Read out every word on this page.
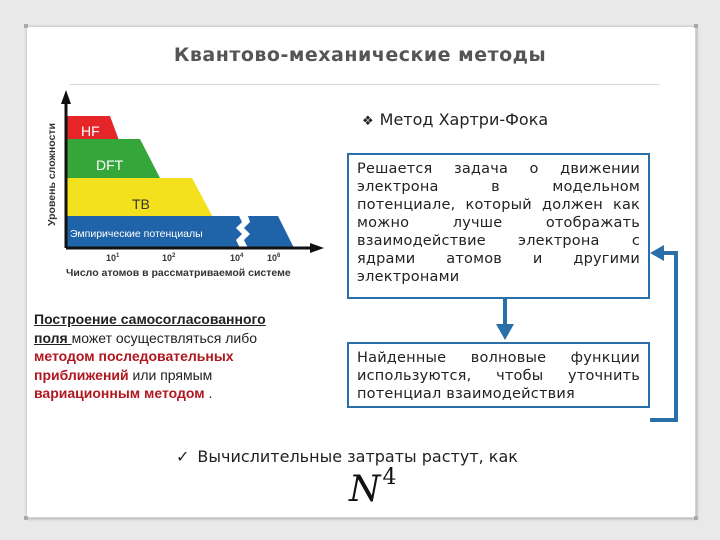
Квантово-механические методы
HF
DFT
TB
Эмпирические потенциалы
$10^1$	$10^2$	$10^4$	$10^6$
Число атомов в рассматриваемой системе
Уровень сложности
❖ Метод Хартри-Фока
Решается задача о движении
электрона в модельном
потенциале, который должен как
можно лучше отображать
взаимодействие электрона с
ядрами атомов и другими
электронами
Найденные волновые функции
используются, чтобы уточнить
потенциал взаимодействия
Построение самосогласованного
поля может осуществляться либо
методом последовательных
приближений или прямым
вариационным методом .
✓ Вычислительные затраты растут, как
$N^4$
